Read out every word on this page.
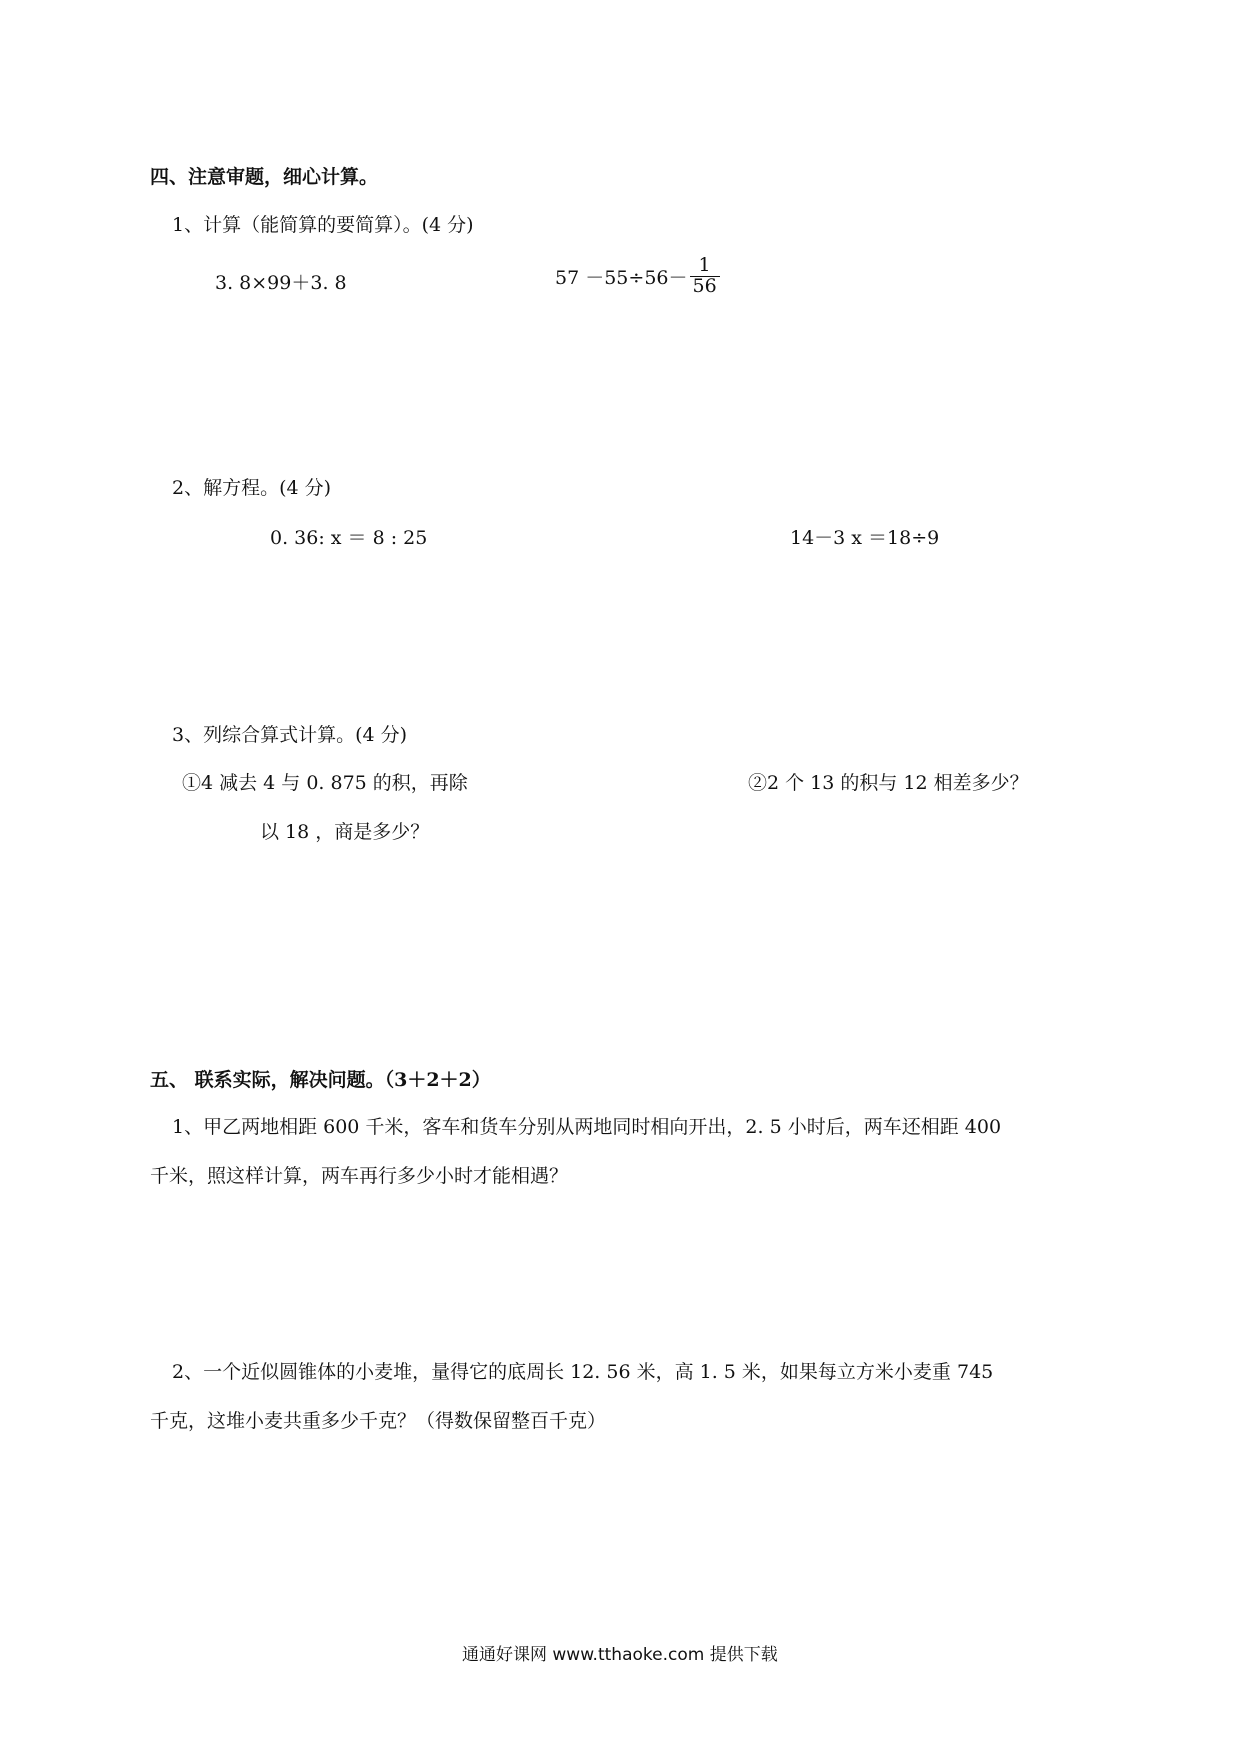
四、注意审题，细心计算。
1、计算（能简算的要简算）。(4 分)
3. 8×99＋3. 8	$57 -55\div 56- \frac{1}{56}$
2、解方程。(4 分)
0. 36: x ＝ 8 : 25	14－3 x ＝18÷9
3、列综合算式计算。(4 分)
①4 减去 4 与 0. 875 的积，再除
以 18 ，商是多少？
②2 个 13 的积与 12 相差多少？
五、 联系实际，解决问题。（3＋2＋2）
1、甲乙两地相距 600 千米，客车和货车分别从两地同时相向开出，2. 5 小时后，两车还相距 400
千米，照这样计算，两车再行多少小时才能相遇？
2、一个近似圆锥体的小麦堆，量得它的底周长 12. 56 米，高 1. 5 米，如果每立方米小麦重 745
千克，这堆小麦共重多少千克？（得数保留整百千克）
通通好课网 www.tthaoke.com 提供下载
